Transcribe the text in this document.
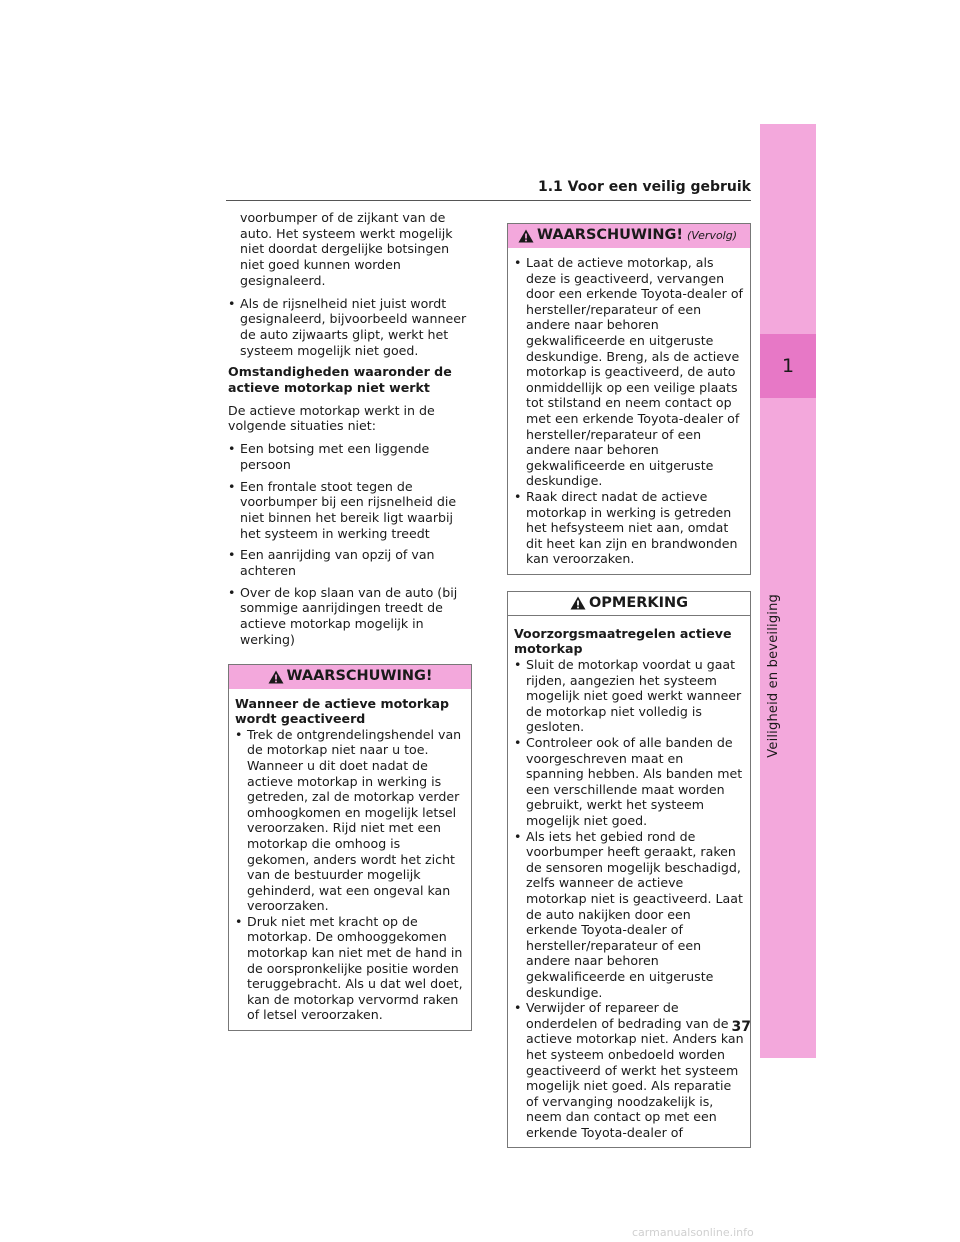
1
Veiligheid en beveiliging
1.1 Voor een veilig gebruik

voorbumper of de zijkant van de auto. Het systeem werkt mogelijk niet doordat dergelijke botsingen niet goed kunnen worden gesignaleerd.

• Als de rijsnelheid niet juist wordt gesignaleerd, bijvoorbeeld wanneer de auto zijwaarts glipt, werkt het systeem mogelijk niet goed.

Omstandigheden waaronder de actieve motorkap niet werkt

De actieve motorkap werkt in de volgende situaties niet:

• Een botsing met een liggende persoon

• Een frontale stoot tegen de voorbumper bij een rijsnelheid die niet binnen het bereik ligt waarbij het systeem in werking treedt

• Een aanrijding van opzij of van achteren

• Over de kop slaan van de auto (bij sommige aanrijdingen treedt de actieve motorkap mogelijk in werking)

WAARSCHUWING!

Wanneer de actieve motorkap wordt geactiveerd

• Trek de ontgrendelingshendel van de motorkap niet naar u toe. Wanneer u dit doet nadat de actieve motorkap in werking is getreden, zal de motorkap verder omhoogkomen en mogelijk letsel veroorzaken. Rijd niet met een motorkap die omhoog is gekomen, anders wordt het zicht van de bestuurder mogelijk gehinderd, wat een ongeval kan veroorzaken.

• Druk niet met kracht op de motorkap. De omhooggekomen motorkap kan niet met de hand in de oorspronkelijke positie worden teruggebracht. Als u dat wel doet, kan de motorkap vervormd raken of letsel veroorzaken.

WAARSCHUWING! (Vervolg)

• Laat de actieve motorkap, als deze is geactiveerd, vervangen door een erkende Toyota-dealer of hersteller/reparateur of een andere naar behoren gekwalificeerde en uitgeruste deskundige. Breng, als de actieve motorkap is geactiveerd, de auto onmiddellijk op een veilige plaats tot stilstand en neem contact op met een erkende Toyota-dealer of hersteller/reparateur of een andere naar behoren gekwalificeerde en uitgeruste deskundige.

• Raak direct nadat de actieve motorkap in werking is getreden het hefsysteem niet aan, omdat dit heet kan zijn en brandwonden kan veroorzaken.

OPMERKING

Voorzorgsmaatregelen actieve motorkap

• Sluit de motorkap voordat u gaat rijden, aangezien het systeem mogelijk niet goed werkt wanneer de motorkap niet volledig is gesloten.

• Controleer ook of alle banden de voorgeschreven maat en spanning hebben. Als banden met een verschillende maat worden gebruikt, werkt het systeem mogelijk niet goed.

• Als iets het gebied rond de voorbumper heeft geraakt, raken de sensoren mogelijk beschadigd, zelfs wanneer de actieve motorkap niet is geactiveerd. Laat de auto nakijken door een erkende Toyota-dealer of hersteller/reparateur of een andere naar behoren gekwalificeerde en uitgeruste deskundige.

• Verwijder of repareer de onderdelen of bedrading van de actieve motorkap niet. Anders kan het systeem onbedoeld worden geactiveerd of werkt het systeem mogelijk niet goed. Als reparatie of vervanging noodzakelijk is, neem dan contact op met een erkende Toyota-dealer of

37
carmanualsonline.info
